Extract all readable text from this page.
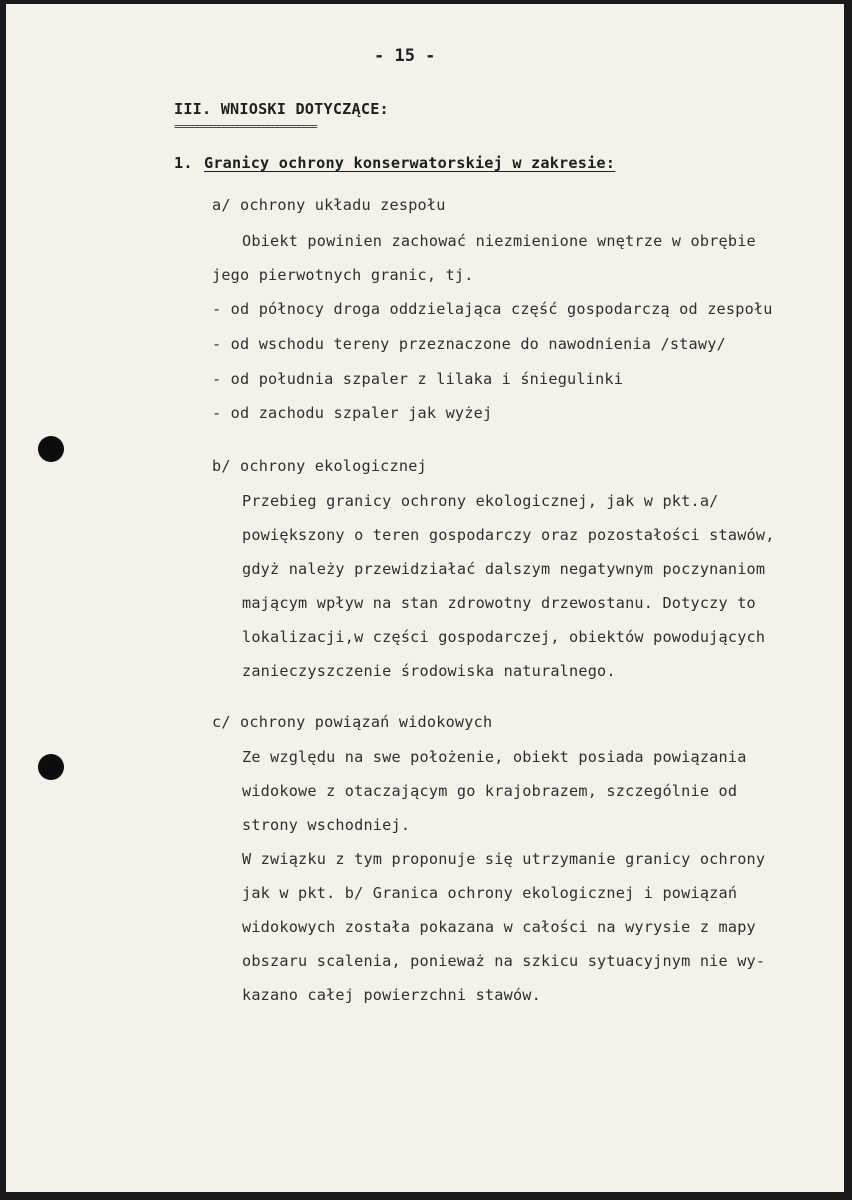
- 15 -
III. WNIOSKI DOTYCZĄCE:
================================
1. Granicy ochrony konserwatorskiej w zakresie:
a/ ochrony układu zespołu
Obiekt powinien zachować niezmienione wnętrze w obrębie
jego pierwotnych granic, tj.
- od północy droga oddzielająca część gospodarczą od zespołu
- od wschodu tereny przeznaczone do nawodnienia /stawy/
- od południa szpaler z lilaka i śniegulinki
- od zachodu szpaler jak wyżej
b/ ochrony ekologicznej
Przebieg granicy ochrony ekologicznej, jak w pkt.a/
powiększony o teren gospodarczy oraz pozostałości stawów,
gdyż należy przewidziałać dalszym negatywnym poczynaniom
mającym wpływ na stan zdrowotny drzewostanu. Dotyczy to
lokalizacji,w części gospodarczej, obiektów powodujących
zanieczyszczenie środowiska naturalnego.
c/ ochrony powiązań widokowych
Ze względu na swe położenie, obiekt posiada powiązania
widokowe z otaczającym go krajobrazem, szczególnie od
strony wschodniej.
W związku z tym proponuje się utrzymanie granicy ochrony
jak w pkt. b/ Granica ochrony ekologicznej i powiązań
widokowych została pokazana w całości na wyrysie z mapy
obszaru scalenia, ponieważ na szkicu sytuacyjnym nie wy-
kazano całej powierzchni stawów.
